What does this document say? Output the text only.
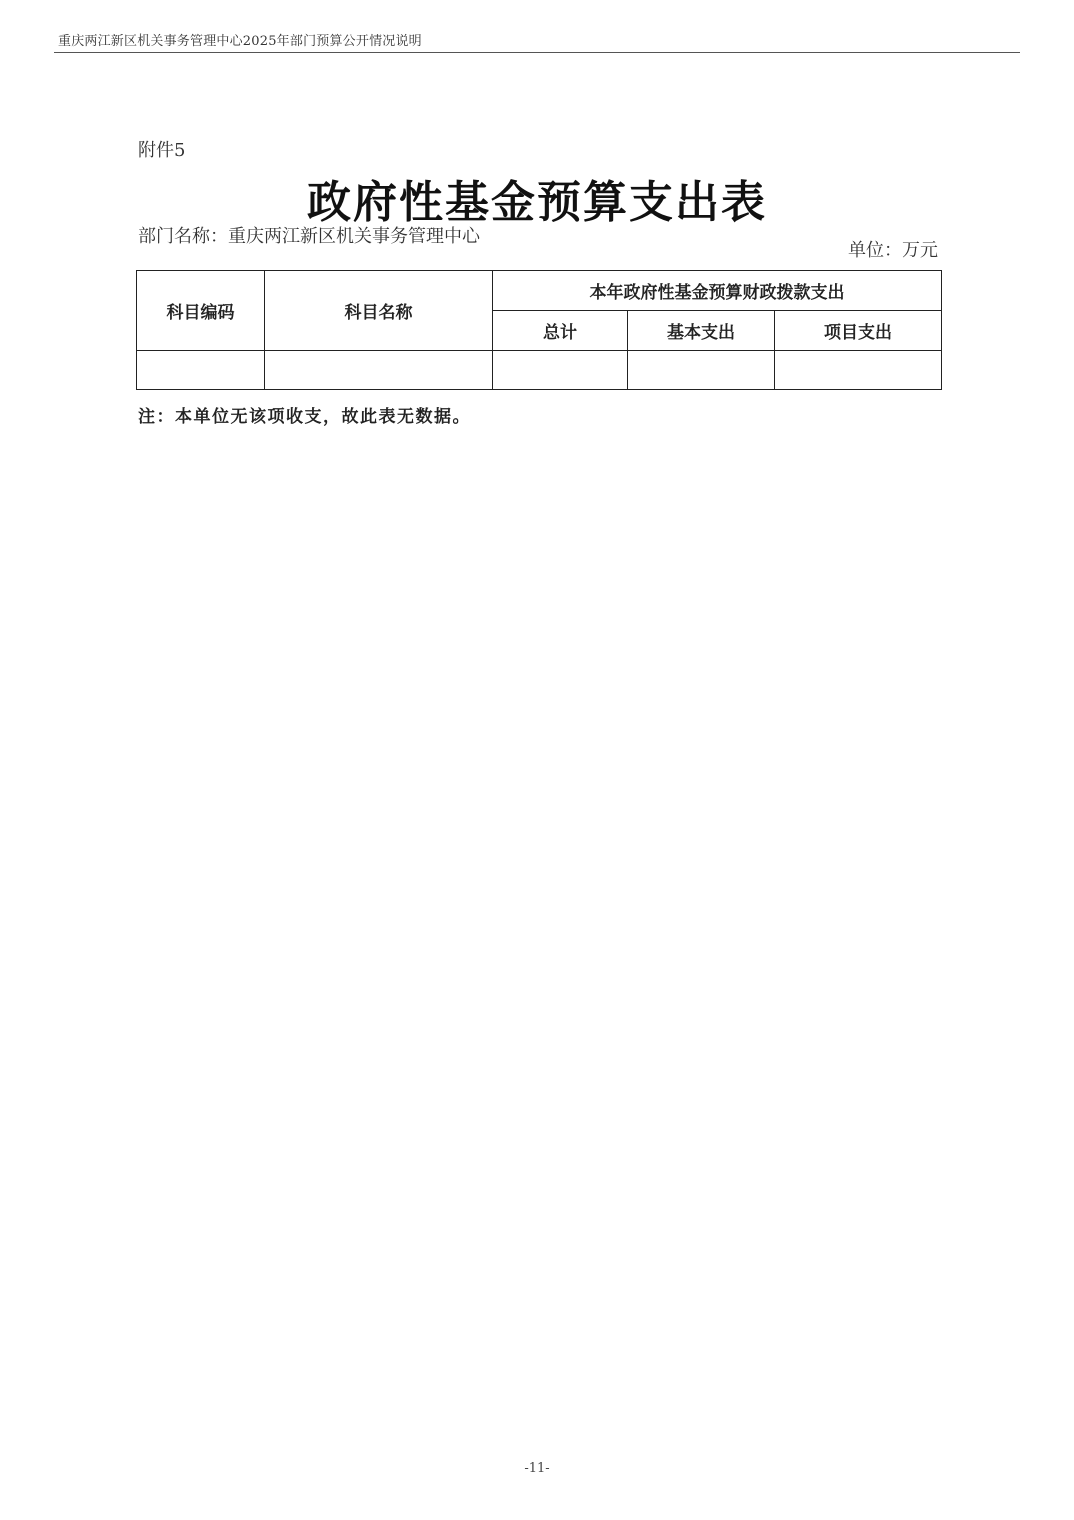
重庆两江新区机关事务管理中心2025年部门预算公开情况说明
附件5
政府性基金预算支出表
部门名称：重庆两江新区机关事务管理中心
单位：万元
科目编码	科目名称	本年政府性基金预算财政拨款支出		
		总计	基本支出	项目支出

注：本单位无该项收支，故此表无数据。
-11-
